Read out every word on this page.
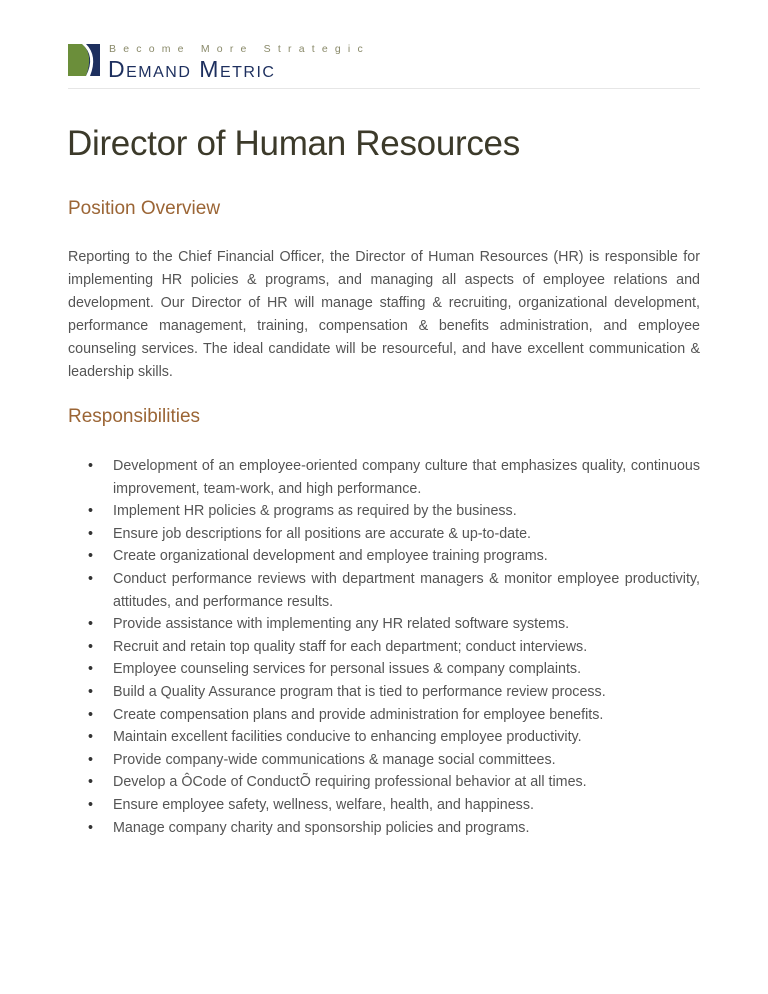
Become More Strategic
Demand Metric
Director of Human Resources
Position Overview

Reporting to the Chief Financial Officer, the Director of Human Resources (HR) is responsible for implementing HR policies & programs, and managing all aspects of employee relations and development. Our Director of HR will manage staffing & recruiting, organizational development, performance management, training, compensation & benefits administration, and employee counseling services. The ideal candidate will be resourceful, and have excellent communication & leadership skills.

Responsibilities
• Development of an employee-oriented company culture that emphasizes quality, continuous improvement, team-work, and high performance.
• Implement HR policies & programs as required by the business.
• Ensure job descriptions for all positions are accurate & up-to-date.
• Create organizational development and employee training programs.
• Conduct performance reviews with department managers & monitor employee productivity, attitudes, and performance results.
• Provide assistance with implementing any HR related software systems.
• Recruit and retain top quality staff for each department; conduct interviews.
• Employee counseling services for personal issues & company complaints.
• Build a Quality Assurance program that is tied to performance review process.
• Create compensation plans and provide administration for employee benefits.
• Maintain excellent facilities conducive to enhancing employee productivity.
• Provide company-wide communications & manage social committees.
• Develop a ÔCode of ConductÕ requiring professional behavior at all times.
• Ensure employee safety, wellness, welfare, health, and happiness.
• Manage company charity and sponsorship policies and programs.
